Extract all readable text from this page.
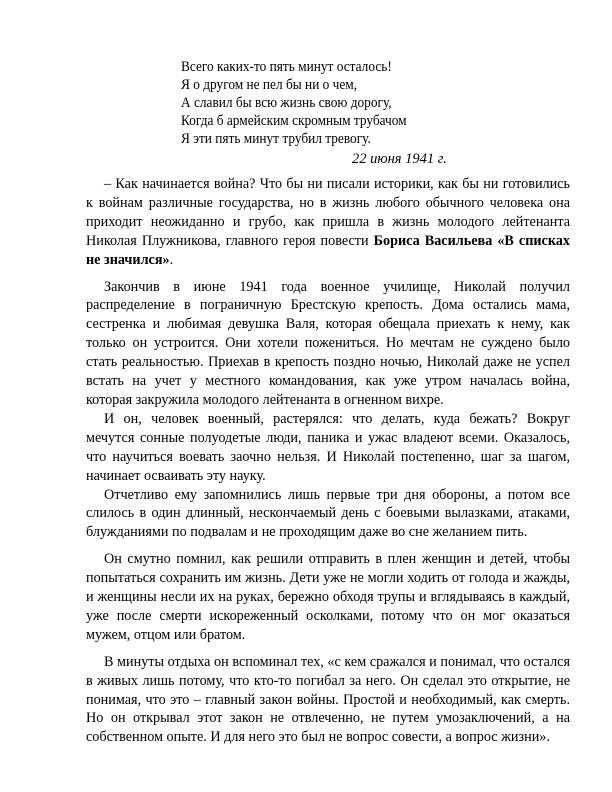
Всего каких-то пять минут осталось!
Я о другом не пел бы ни о чем,
А славил бы всю жизнь свою дорогу,
Когда б армейским скромным трубачом
Я эти пять минут трубил тревогу.
22 июня 1941 г.

– Как начинается война? Что бы ни писали историки, как бы ни готовились к войнам различные государства, но в жизнь любого обычного человека она приходит неожиданно и грубо, как пришла в жизнь молодого лейтенанта Николая Плужникова, главного героя повести Бориса Васильева «В списках не значился».

Закончив в июне 1941 года военное училище, Николай получил распределение в пограничную Брестскую крепость. Дома остались мама, сестренка и любимая девушка Валя, которая обещала приехать к нему, как только он устроится. Они хотели пожениться. Но мечтам не суждено было стать реальностью. Приехав в крепость поздно ночью, Николай даже не успел встать на учет у местного командования, как уже утром началась война, которая закружила молодого лейтенанта в огненном вихре.

И он, человек военный, растерялся: что делать, куда бежать? Вокруг мечутся сонные полуодетые люди, паника и ужас владеют всеми. Оказалось, что научиться воевать заочно нельзя. И Николай постепенно, шаг за шагом, начинает осваивать эту науку.

Отчетливо ему запомнились лишь первые три дня обороны, а потом все слилось в один длинный, нескончаемый день с боевыми вылазками, атаками, блужданиями по подвалам и не проходящим даже во сне желанием пить.

Он смутно помнил, как решили отправить в плен женщин и детей, чтобы попытаться сохранить им жизнь. Дети уже не могли ходить от голода и жажды, и женщины несли их на руках, бережно обходя трупы и вглядываясь в каждый, уже после смерти искореженный осколками, потому что он мог оказаться мужем, отцом или братом.

В минуты отдыха он вспоминал тех, «с кем сражался и понимал, что остался в живых лишь потому, что кто-то погибал за него. Он сделал это открытие, не понимая, что это – главный закон войны. Простой и необходимый, как смерть. Но он открывал этот закон не отвлеченно, не путем умозаключений, а на собственном опыте. И для него это был не вопрос совести, а вопрос жизни».
